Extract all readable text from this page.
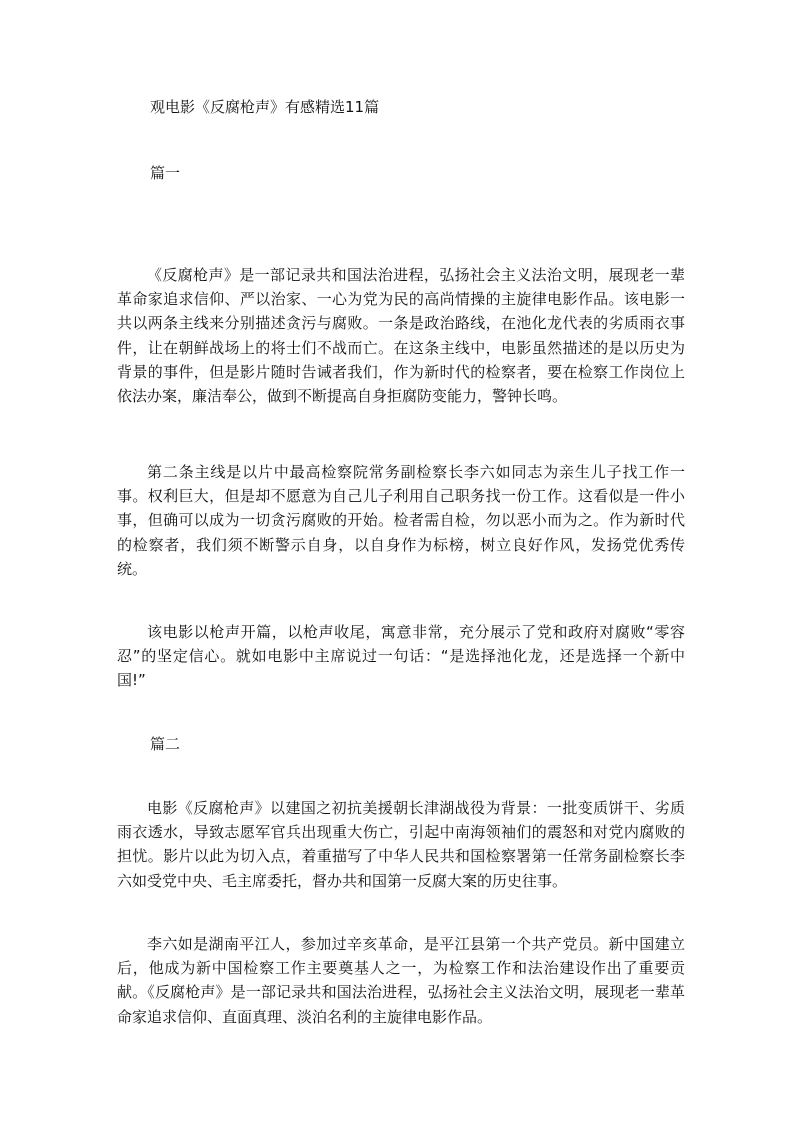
观电影《反腐枪声》有感精选11篇
篇一

《反腐枪声》是一部记录共和国法治进程，弘扬社会主义法治文明，展现老一辈革命家追求信仰、严以治家、一心为党为民的高尚情操的主旋律电影作品。该电影一共以两条主线来分别描述贪污与腐败。一条是政治路线，在池化龙代表的劣质雨衣事件，让在朝鲜战场上的将士们不战而亡。在这条主线中，电影虽然描述的是以历史为背景的事件，但是影片随时告诫者我们，作为新时代的检察者，要在检察工作岗位上依法办案，廉洁奉公，做到不断提高自身拒腐防变能力，警钟长鸣。

第二条主线是以片中最高检察院常务副检察长李六如同志为亲生儿子找工作一事。权利巨大，但是却不愿意为自己儿子利用自己职务找一份工作。这看似是一件小事，但确可以成为一切贪污腐败的开始。检者需自检，勿以恶小而为之。作为新时代的检察者，我们须不断警示自身，以自身作为标榜，树立良好作风，发扬党优秀传统。

该电影以枪声开篇，以枪声收尾，寓意非常，充分展示了党和政府对腐败“零容忍”的坚定信心。就如电影中主席说过一句话：“是选择池化龙，还是选择一个新中国!”

篇二

电影《反腐枪声》以建国之初抗美援朝长津湖战役为背景：一批变质饼干、劣质雨衣透水，导致志愿军官兵出现重大伤亡，引起中南海领袖们的震怒和对党内腐败的担忧。影片以此为切入点，着重描写了中华人民共和国检察署第一任常务副检察长李六如受党中央、毛主席委托，督办共和国第一反腐大案的历史往事。

李六如是湖南平江人，参加过辛亥革命，是平江县第一个共产党员。新中国建立后，他成为新中国检察工作主要奠基人之一，为检察工作和法治建设作出了重要贡献。《反腐枪声》是一部记录共和国法治进程，弘扬社会主义法治文明，展现老一辈革命家追求信仰、直面真理、淡泊名利的主旋律电影作品。
